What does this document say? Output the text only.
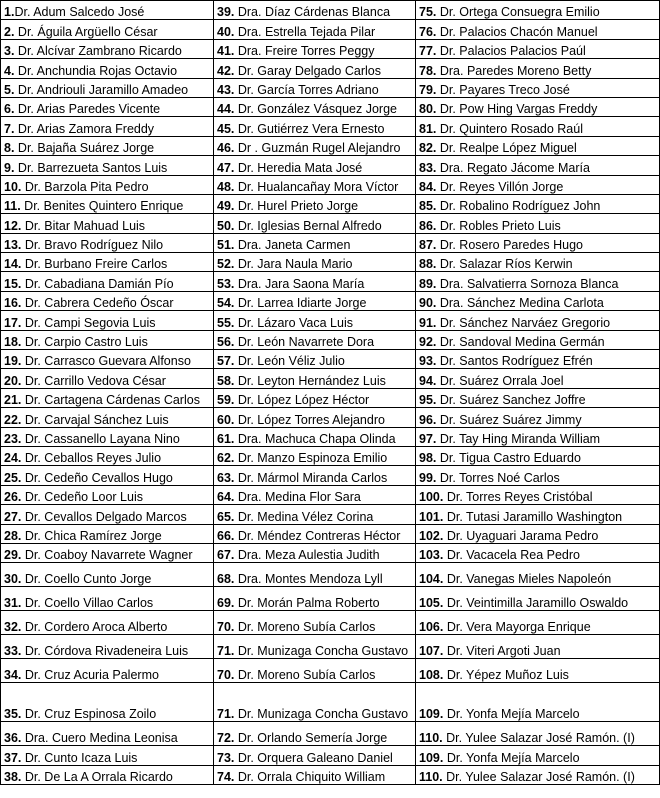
1.Dr. Adum Salcedo José	39. Dra. Díaz Cárdenas Blanca	75. Dr. Ortega Consuegra Emilio
2. Dr. Águila Argüello César	40. Dra. Estrella Tejada Pilar	76. Dr. Palacios Chacón Manuel
3. Dr. Alcívar Zambrano Ricardo	41. Dra. Freire Torres Peggy	77. Dr. Palacios Palacios Paúl
4. Dr. Anchundia Rojas Octavio	42. Dr. Garay Delgado Carlos	78. Dra. Paredes Moreno Betty
5. Dr. Andriouli Jaramillo Amadeo	43. Dr. García Torres Adriano	79. Dr. Payares Treco José
6. Dr. Arias Paredes Vicente	44. Dr. González Vásquez Jorge	80. Dr. Pow Hing Vargas Freddy
7. Dr. Arias Zamora Freddy	45. Dr. Gutiérrez Vera Ernesto	81. Dr. Quintero Rosado Raúl
8. Dr. Bajaña Suárez Jorge	46. Dr . Guzmán Rugel Alejandro	82. Dr. Realpe López Miguel
9. Dr. Barrezueta Santos Luis	47. Dr. Heredia Mata José	83. Dra. Regato Jácome María
10. Dr. Barzola Pita Pedro	48. Dr. Hualancañay Mora Víctor	84. Dr. Reyes Villón Jorge
11. Dr. Benites Quintero Enrique	49. Dr. Hurel Prieto Jorge	85. Dr. Robalino Rodríguez John
12. Dr. Bitar Mahuad Luis	50. Dr. Iglesias Bernal Alfredo	86. Dr. Robles Prieto Luis
13. Dr. Bravo Rodríguez Nilo	51. Dra. Janeta Carmen	87. Dr. Rosero Paredes Hugo
14. Dr. Burbano Freire Carlos	52. Dr. Jara Naula Mario	88. Dr. Salazar Ríos Kerwin
15. Dr. Cabadiana Damián Pío	53. Dra. Jara Saona María	89. Dra. Salvatierra Sornoza Blanca
16. Dr. Cabrera Cedeño Óscar	54. Dr. Larrea Idiarte Jorge	90. Dra. Sánchez Medina Carlota
17. Dr. Campi Segovia Luis	55. Dr. Lázaro Vaca Luis	91. Dr. Sánchez Narváez Gregorio
18. Dr. Carpio Castro Luis	56. Dr. León Navarrete Dora	92. Dr. Sandoval Medina Germán
19. Dr. Carrasco Guevara Alfonso	57. Dr. León Véliz Julio	93. Dr. Santos Rodríguez Efrén
20. Dr. Carrillo Vedova César	58. Dr. Leyton Hernández Luis	94. Dr. Suárez Orrala Joel
21. Dr. Cartagena Cárdenas Carlos	59. Dr. López López Héctor	95. Dr. Suárez Sanchez Joffre
22. Dr. Carvajal Sánchez Luis	60. Dr. López Torres Alejandro	96. Dr. Suárez Suárez Jimmy
23. Dr. Cassanello Layana Nino	61. Dra. Machuca Chapa Olinda	97. Dr. Tay Hing Miranda William
24. Dr. Ceballos Reyes Julio	62. Dr. Manzo Espinoza Emilio	98. Dr. Tigua Castro Eduardo
25. Dr. Cedeño Cevallos Hugo	63. Dr. Mármol Miranda Carlos	99. Dr. Torres Noé Carlos
26. Dr. Cedeño Loor Luis	64. Dra. Medina Flor Sara	100. Dr. Torres Reyes Cristóbal
27. Dr. Cevallos Delgado Marcos	65. Dr. Medina Vélez Corina	101. Dr. Tutasi Jaramillo Washington
28. Dr. Chica Ramírez Jorge	66. Dr. Méndez Contreras Héctor	102. Dr. Uyaguari Jarama Pedro
29. Dr. Coaboy Navarrete Wagner	67. Dra. Meza Aulestia Judith	103. Dr. Vacacela Rea Pedro
30. Dr. Coello Cunto Jorge	68. Dra. Montes Mendoza Lyll	104. Dr. Vanegas Mieles Napoleón
31. Dr. Coello Villao Carlos	69. Dr. Morán Palma Roberto	105. Dr. Veintimilla Jaramillo Oswaldo
32. Dr. Cordero Aroca Alberto	70. Dr. Moreno Subía Carlos	106. Dr. Vera Mayorga Enrique
33. Dr. Córdova Rivadeneira Luis	71. Dr. Munizaga Concha Gustavo	107. Dr. Viteri Argoti Juan
34. Dr. Cruz Acuria Palermo	70. Dr. Moreno Subía Carlos	108. Dr. Yépez Muñoz Luis
35. Dr. Cruz Espinosa Zoilo	71. Dr. Munizaga Concha Gustavo	109. Dr. Yonfa Mejía Marcelo
36. Dra. Cuero Medina Leonisa	72. Dr. Orlando Semería Jorge	110. Dr. Yulee Salazar José Ramón. (I)
37. Dr. Cunto Icaza Luis	73. Dr. Orquera Galeano Daniel	109. Dr. Yonfa Mejía Marcelo
38. Dr. De La A Orrala Ricardo	74. Dr. Orrala Chiquito William	110. Dr. Yulee Salazar José Ramón. (I)
